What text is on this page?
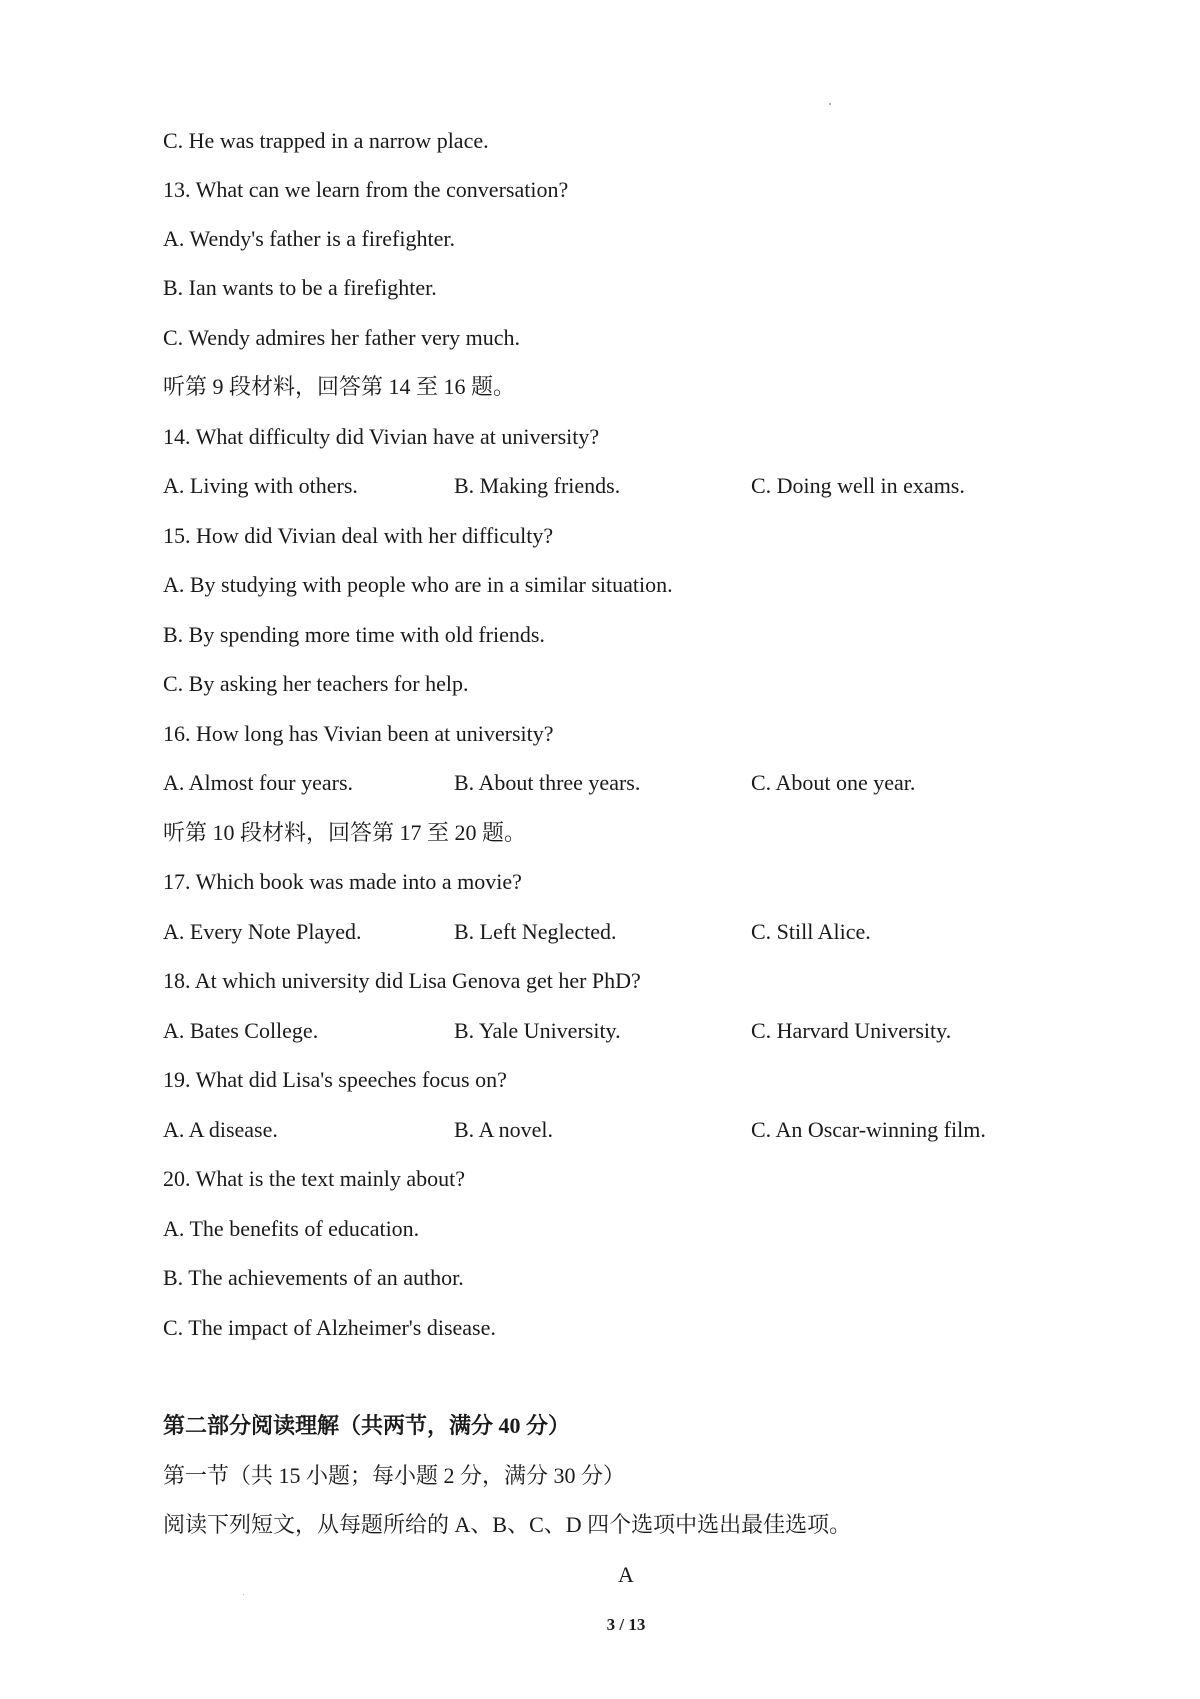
C. He was trapped in a narrow place.
13. What can we learn from the conversation?
A. Wendy's father is a firefighter.
B. Ian wants to be a firefighter.
C. Wendy admires her father very much.
听第 9 段材料，回答第 14 至 16 题。
14. What difficulty did Vivian have at university?
A. Living with others.	B. Making friends.	C. Doing well in exams.
15. How did Vivian deal with her difficulty?
A. By studying with people who are in a similar situation.
B. By spending more time with old friends.
C. By asking her teachers for help.
16. How long has Vivian been at university?
A. Almost four years.	B. About three years.	C. About one year.
听第 10 段材料，回答第 17 至 20 题。
17. Which book was made into a movie?
A. Every Note Played.	B. Left Neglected.	C. Still Alice.
18. At which university did Lisa Genova get her PhD?
A. Bates College.	B. Yale University.	C. Harvard University.
19. What did Lisa's speeches focus on?
A. A disease.	B. A novel.	C. An Oscar-winning film.
20. What is the text mainly about?
A. The benefits of education.
B. The achievements of an author.
C. The impact of Alzheimer's disease.
第二部分阅读理解（共两节，满分 40 分）
第一节（共 15 小题；每小题 2 分，满分 30 分）
阅读下列短文，从每题所给的 A、B、C、D 四个选项中选出最佳选项。
A
3 / 13
